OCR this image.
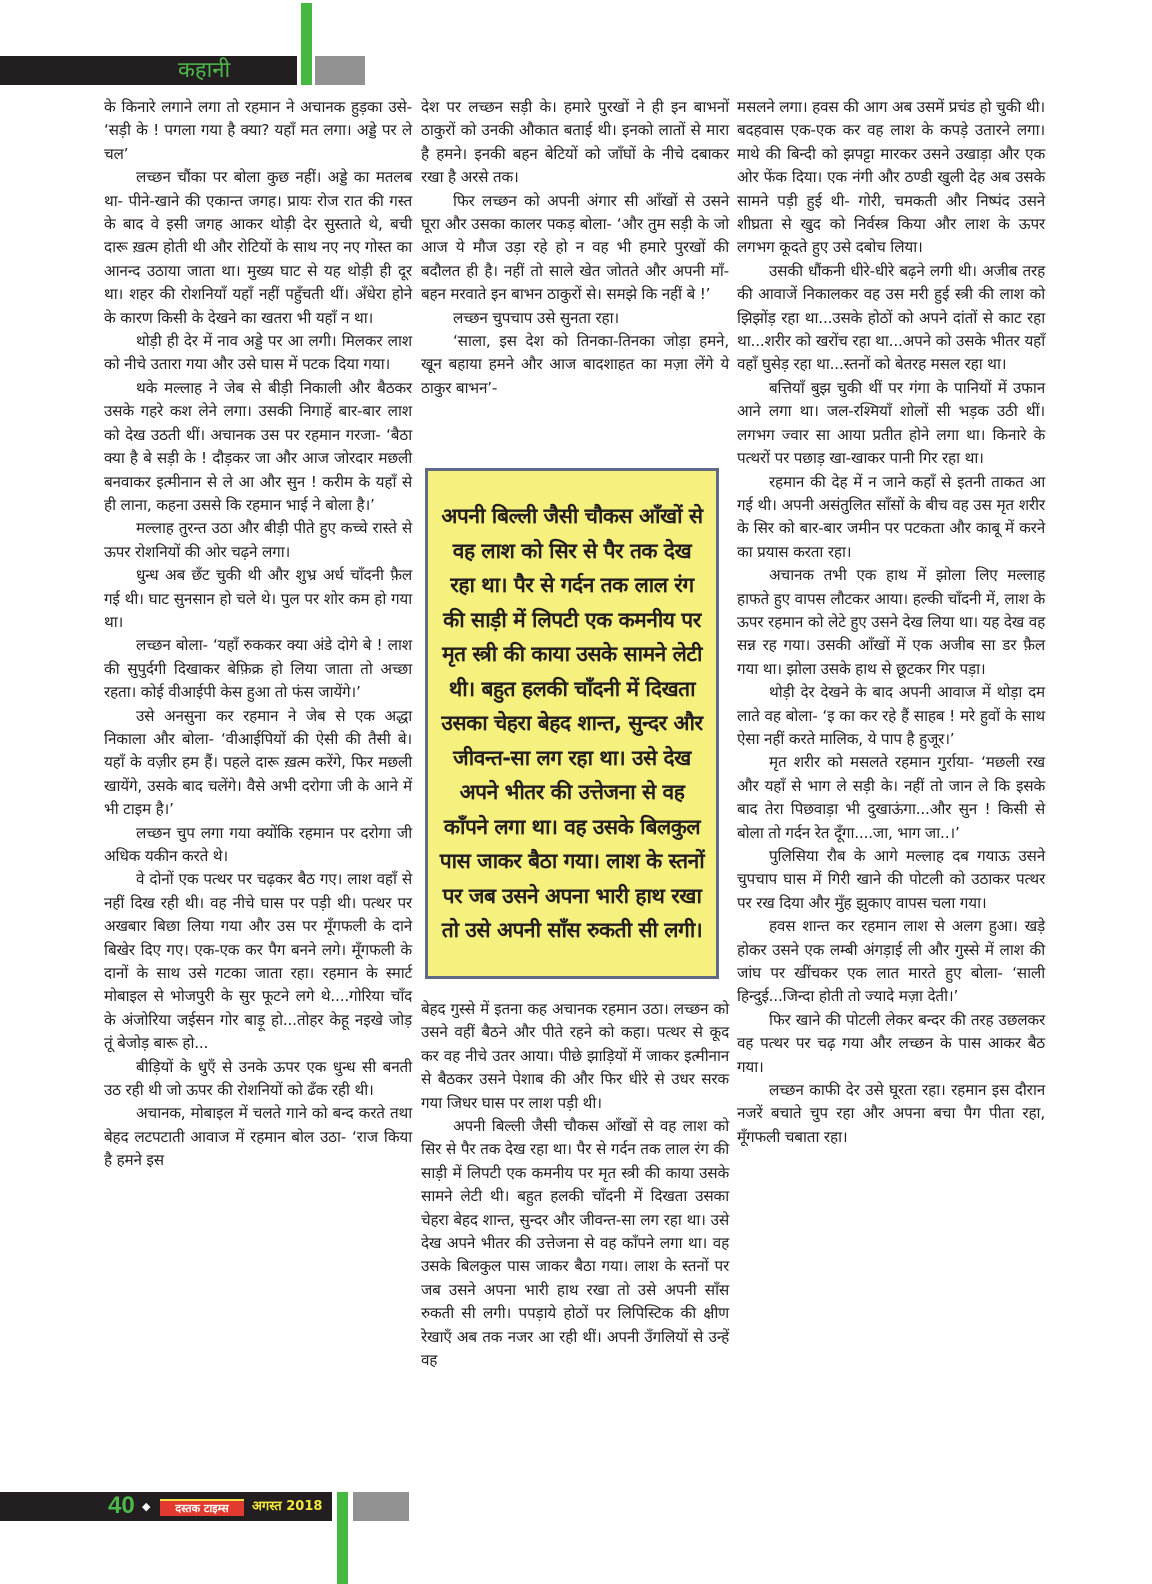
कहानी

के किनारे लगाने लगा तो रहमान ने अचानक हुड़का उसे- ‘सड़ी के ! पगला गया है क्या? यहाँ मत लगा। अड्डे पर ले चल’

लच्छन चौंका पर बोला कुछ नहीं। अड्डे का मतलब था- पीने-खाने की एकान्त जगह। प्रायः रोज रात की गस्त के बाद वे इसी जगह आकर थोड़ी देर सुस्ताते थे, बची दारू ख़त्म होती थी और रोटियों के साथ नए नए गोस्त का आनन्द उठाया जाता था। मुख्य घाट से यह थोड़ी ही दूर था। शहर की रोशनियाँ यहाँ नहीं पहुँचती थीं। अँधेरा होने के कारण किसी के देखने का खतरा भी यहाँ न था।

थोड़ी ही देर में नाव अड्डे पर आ लगी। मिलकर लाश को नीचे उतारा गया और उसे घास में पटक दिया गया।

थके मल्लाह ने जेब से बीड़ी निकाली और बैठकर उसके गहरे कश लेने लगा। उसकी निगाहें बार-बार लाश को देख उठती थीं। अचानक उस पर रहमान गरजा- ‘बैठा क्या है बे सड़ी के ! दौड़कर जा और आज जोरदार मछली बनवाकर इत्मीनान से ले आ और सुन ! करीम के यहाँ से ही लाना, कहना उससे कि रहमान भाई ने बोला है।’

मल्लाह तुरन्त उठा और बीड़ी पीते हुए कच्चे रास्ते से ऊपर रोशनियों की ओर चढ़ने लगा।

धुन्ध अब छँट चुकी थी और शुभ्र अर्ध चाँदनी फ़ैल गई थी। घाट सुनसान हो चले थे। पुल पर शोर कम हो गया था।

लच्छन बोला- ‘यहाँ रुककर क्या अंडे दोगे बे ! लाश की सुपुर्दगी दिखाकर बेफ़िक्र हो लिया जाता तो अच्छा रहता। कोई वीआईपी केस हुआ तो फंस जायेंगे।’

उसे अनसुना कर रहमान ने जेब से एक अद्धा निकाला और बोला- ‘वीआईपियों की ऐसी की तैसी बे। यहाँ के वज़ीर हम हैं। पहले दारू ख़त्म करेंगे, फिर मछली खायेंगे, उसके बाद चलेंगे। वैसे अभी दरोगा जी के आने में भी टाइम है।’

लच्छन चुप लगा गया क्योंकि रहमान पर दरोगा जी अधिक यकीन करते थे।

वे दोनों एक पत्थर पर चढ़कर बैठ गए। लाश वहाँ से नहीं दिख रही थी। वह नीचे घास पर पड़ी थी। पत्थर पर अखबार बिछा लिया गया और उस पर मूँगफली के दाने बिखेर दिए गए। एक-एक कर पैग बनने लगे। मूँगफली के दानों के साथ उसे गटका जाता रहा। रहमान के स्मार्ट मोबाइल से भोजपुरी के सुर फूटने लगे थे....गोरिया चाँद के अंजोरिया जईसन गोर बाड़ू हो...तोहर केहू नइखे जोड़ तूं बेजोड़ बारू हो...

बीड़ियों के धुएँ से उनके ऊपर एक धुन्ध सी बनती उठ रही थी जो ऊपर की रोशनियों को ढँक रही थी।

अचानक, मोबाइल में चलते गाने को बन्द करते तथा बेहद लटपटाती आवाज में रहमान बोल उठा- ‘राज किया है हमने इस

देश पर लच्छन सड़ी के। हमारे पुरखों ने ही इन बाभनों ठाकुरों को उनकी औकात बताई थी। इनको लातों से मारा है हमने। इनकी बहन बेटियों को जाँघों के नीचे दबाकर रखा है अरसे तक।

फिर लच्छन को अपनी अंगार सी आँखों से उसने घूरा और उसका कालर पकड़ बोला- ‘और तुम सड़ी के जो आज ये मौज उड़ा रहे हो न वह भी हमारे पुरखों की बदौलत ही है। नहीं तो साले खेत जोतते और अपनी माँ-बहन मरवाते इन बाभन ठाकुरों से। समझे कि नहीं बे !’

लच्छन चुपचाप उसे सुनता रहा।

‘साला, इस देश को तिनका-तिनका जोड़ा हमने, खून बहाया हमने और आज बादशाहत का मज़ा लेंगे ये ठाकुर बाभन’-

अपनी बिल्ली जैसी चौकस आँखों से वह लाश को सिर से पैर तक देख रहा था। पैर से गर्दन तक लाल रंग की साड़ी में लिपटी एक कमनीय पर मृत स्त्री की काया उसके सामने लेटी थी। बहुत हलकी चाँदनी में दिखता उसका चेहरा बेहद शान्त, सुन्दर और जीवन्त-सा लग रहा था। उसे देख अपने भीतर की उत्तेजना से वह काँपने लगा था। वह उसके बिलकुल पास जाकर बैठा गया। लाश के स्तनों पर जब उसने अपना भारी हाथ रखा तो उसे अपनी साँस रुकती सी लगी।

बेहद गुस्से में इतना कह अचानक रहमान उठा। लच्छन को उसने वहीं बैठने और पीते रहने को कहा। पत्थर से कूद कर वह नीचे उतर आया। पीछे झाड़ियों में जाकर इत्मीनान से बैठकर उसने पेशाब की और फिर धीरे से उधर सरक गया जिधर घास पर लाश पड़ी थी।

अपनी बिल्ली जैसी चौकस आँखों से वह लाश को सिर से पैर तक देख रहा था। पैर से गर्दन तक लाल रंग की साड़ी में लिपटी एक कमनीय पर मृत स्त्री की काया उसके सामने लेटी थी। बहुत हलकी चाँदनी में दिखता उसका चेहरा बेहद शान्त, सुन्दर और जीवन्त-सा लग रहा था। उसे देख अपने भीतर की उत्तेजना से वह काँपने लगा था। वह उसके बिलकुल पास जाकर बैठा गया। लाश के स्तनों पर जब उसने अपना भारी हाथ रखा तो उसे अपनी साँस रुकती सी लगी। पपड़ाये होठों पर लिपिस्टिक की क्षीण रेखाएँ अब तक नजर आ रही थीं। अपनी उँगलियों से उन्हें वह

मसलने लगा। हवस की आग अब उसमें प्रचंड हो चुकी थी। बदहवास एक-एक कर वह लाश के कपड़े उतारने लगा। माथे की बिन्दी को झपट्टा मारकर उसने उखाड़ा और एक ओर फेंक दिया। एक नंगी और ठण्डी खुली देह अब उसके सामने पड़ी हुई थी- गोरी, चमकती और निष्पंद उसने शीघ्रता से खुद को निर्वस्त्र किया और लाश के ऊपर लगभग कूदते हुए उसे दबोच लिया।

उसकी धौंकनी धीरे-धीरे बढ़ने लगी थी। अजीब तरह की आवाजें निकालकर वह उस मरी हुई स्त्री की लाश को झिझोंड़ रहा था...उसके होठों को अपने दांतों से काट रहा था...शरीर को खरोंच रहा था...अपने को उसके भीतर यहाँ वहाँ घुसेड़ रहा था...स्तनों को बेतरह मसल रहा था।

बत्तियाँ बुझ चुकी थीं पर गंगा के पानियों में उफान आने लगा था। जल-रश्मियाँ शोलों सी भड़क उठी थीं। लगभग ज्वार सा आया प्रतीत होने लगा था। किनारे के पत्थरों पर पछाड़ खा-खाकर पानी गिर रहा था।

रहमान की देह में न जाने कहाँ से इतनी ताकत आ गई थी। अपनी असंतुलित साँसों के बीच वह उस मृत शरीर के सिर को बार-बार जमीन पर पटकता और काबू में करने का प्रयास करता रहा।

अचानक तभी एक हाथ में झोला लिए मल्लाह हाफते हुए वापस लौटकर आया। हल्की चाँदनी में, लाश के ऊपर रहमान को लेटे हुए उसने देख लिया था। यह देख वह सन्न रह गया। उसकी आँखों में एक अजीब सा डर फ़ैल गया था। झोला उसके हाथ से छूटकर गिर पड़ा।

थोड़ी देर देखने के बाद अपनी आवाज में थोड़ा दम लाते वह बोला- ‘इ का कर रहे हैं साहब ! मरे हुवों के साथ ऐसा नहीं करते मालिक, ये पाप है हुजूर।’

मृत शरीर को मसलते रहमान गुर्राया- ‘मछली रख और यहाँ से भाग ले सड़ी के। नहीं तो जान ले कि इसके बाद तेरा पिछवाड़ा भी दुखाऊंगा...और सुन ! किसी से बोला तो गर्दन रेत दूँगा....जा, भाग जा..।’

पुलिसिया रौब के आगे मल्लाह दब गयाऊ उसने चुपचाप घास में गिरी खाने की पोटली को उठाकर पत्थर पर रख दिया और मुँह झुकाए वापस चला गया।

हवस शान्त कर रहमान लाश से अलग हुआ। खड़े होकर उसने एक लम्बी अंगड़ाई ली और गुस्से में लाश की जांघ पर खींचकर एक लात मारते हुए बोला- ‘साली हिन्दुई...जिन्दा होती तो ज्यादे मज़ा देती।’

फिर खाने की पोटली लेकर बन्दर की तरह उछलकर वह पत्थर पर चढ़ गया और लच्छन के पास आकर बैठ गया।

लच्छन काफी देर उसे घूरता रहा। रहमान इस दौरान नजरें बचाते चुप रहा और अपना बचा पैग पीता रहा, मूँगफली चबाता रहा।

40 ◆	दस्तक टाइम्स	अगस्त 2018
